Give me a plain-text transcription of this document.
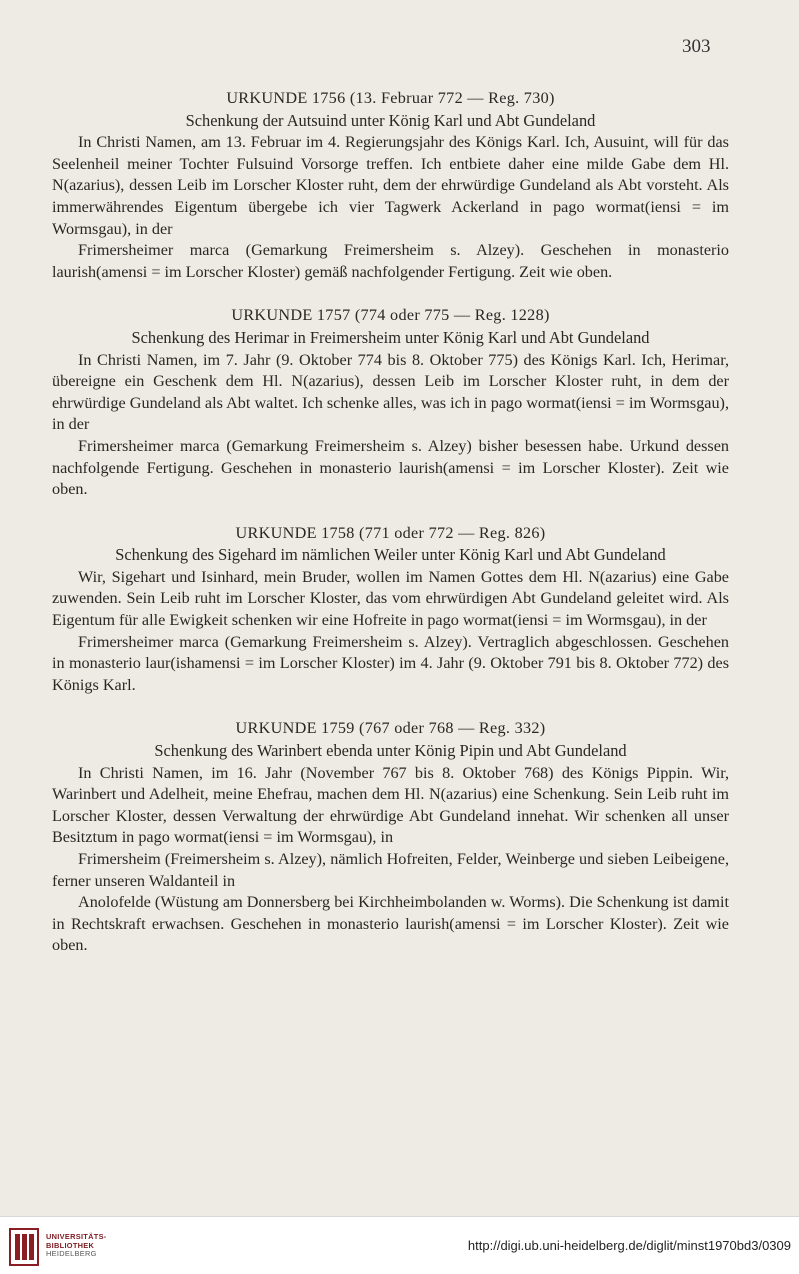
303

URKUNDE 1756 (13. Februar 772 — Reg. 730)

Schenkung der Autsuind unter König Karl und Abt Gundeland

In Christi Namen, am 13. Februar im 4. Regierungsjahr des Königs Karl. Ich, Ausuint, will für das Seelenheil meiner Tochter Fulsuind Vorsorge treffen. Ich entbiete daher eine milde Gabe dem Hl. N(azarius), dessen Leib im Lorscher Kloster ruht, dem der ehrwürdige Gundeland als Abt vorsteht. Als immerwährendes Eigentum übergebe ich vier Tagwerk Ackerland in pago wormat(iensi = im Wormsgau), in der

Frimersheimer marca (Gemarkung Freimersheim s. Alzey). Geschehen in monasterio laurish(amensi = im Lorscher Kloster) gemäß nachfolgender Fertigung. Zeit wie oben.

URKUNDE 1757 (774 oder 775 — Reg. 1228)

Schenkung des Herimar in Freimersheim unter König Karl und Abt Gundeland

In Christi Namen, im 7. Jahr (9. Oktober 774 bis 8. Oktober 775) des Königs Karl. Ich, Herimar, übereigne ein Geschenk dem Hl. N(azarius), dessen Leib im Lorscher Kloster ruht, in dem der ehrwürdige Gundeland als Abt waltet. Ich schenke alles, was ich in pago wormat(iensi = im Wormsgau), in der

Frimersheimer marca (Gemarkung Freimersheim s. Alzey) bisher besessen habe. Urkund dessen nachfolgende Fertigung. Geschehen in monasterio laurish(amensi = im Lorscher Kloster). Zeit wie oben.

URKUNDE 1758 (771 oder 772 — Reg. 826)

Schenkung des Sigehard im nämlichen Weiler unter König Karl und Abt Gundeland

Wir, Sigehart und Isinhard, mein Bruder, wollen im Namen Gottes dem Hl. N(azarius) eine Gabe zuwenden. Sein Leib ruht im Lorscher Kloster, das vom ehrwürdigen Abt Gundeland geleitet wird. Als Eigentum für alle Ewigkeit schenken wir eine Hofreite in pago wormat(iensi = im Wormsgau), in der

Frimersheimer marca (Gemarkung Freimersheim s. Alzey). Vertraglich abgeschlossen. Geschehen in monasterio laur(ishamensi = im Lorscher Kloster) im 4. Jahr (9. Oktober 791 bis 8. Oktober 772) des Königs Karl.

URKUNDE 1759 (767 oder 768 — Reg. 332)

Schenkung des Warinbert ebenda unter König Pipin und Abt Gundeland

In Christi Namen, im 16. Jahr (November 767 bis 8. Oktober 768) des Königs Pippin. Wir, Warinbert und Adelheit, meine Ehefrau, machen dem Hl. N(azarius) eine Schenkung. Sein Leib ruht im Lorscher Kloster, dessen Verwaltung der ehrwürdige Abt Gundeland innehat. Wir schenken all unser Besitztum in pago wormat(iensi = im Wormsgau), in

Frimersheim (Freimersheim s. Alzey), nämlich Hofreiten, Felder, Weinberge und sieben Leibeigene, ferner unseren Waldanteil in

Anolofelde (Wüstung am Donnersberg bei Kirchheimbolanden w. Worms). Die Schenkung ist damit in Rechtskraft erwachsen. Geschehen in monasterio laurish(amensi = im Lorscher Kloster). Zeit wie oben.

UNIVERSITÄTS-
BIBLIOTHEK
HEIDELBERG
http://digi.ub.uni-heidelberg.de/diglit/minst1970bd3/0309
